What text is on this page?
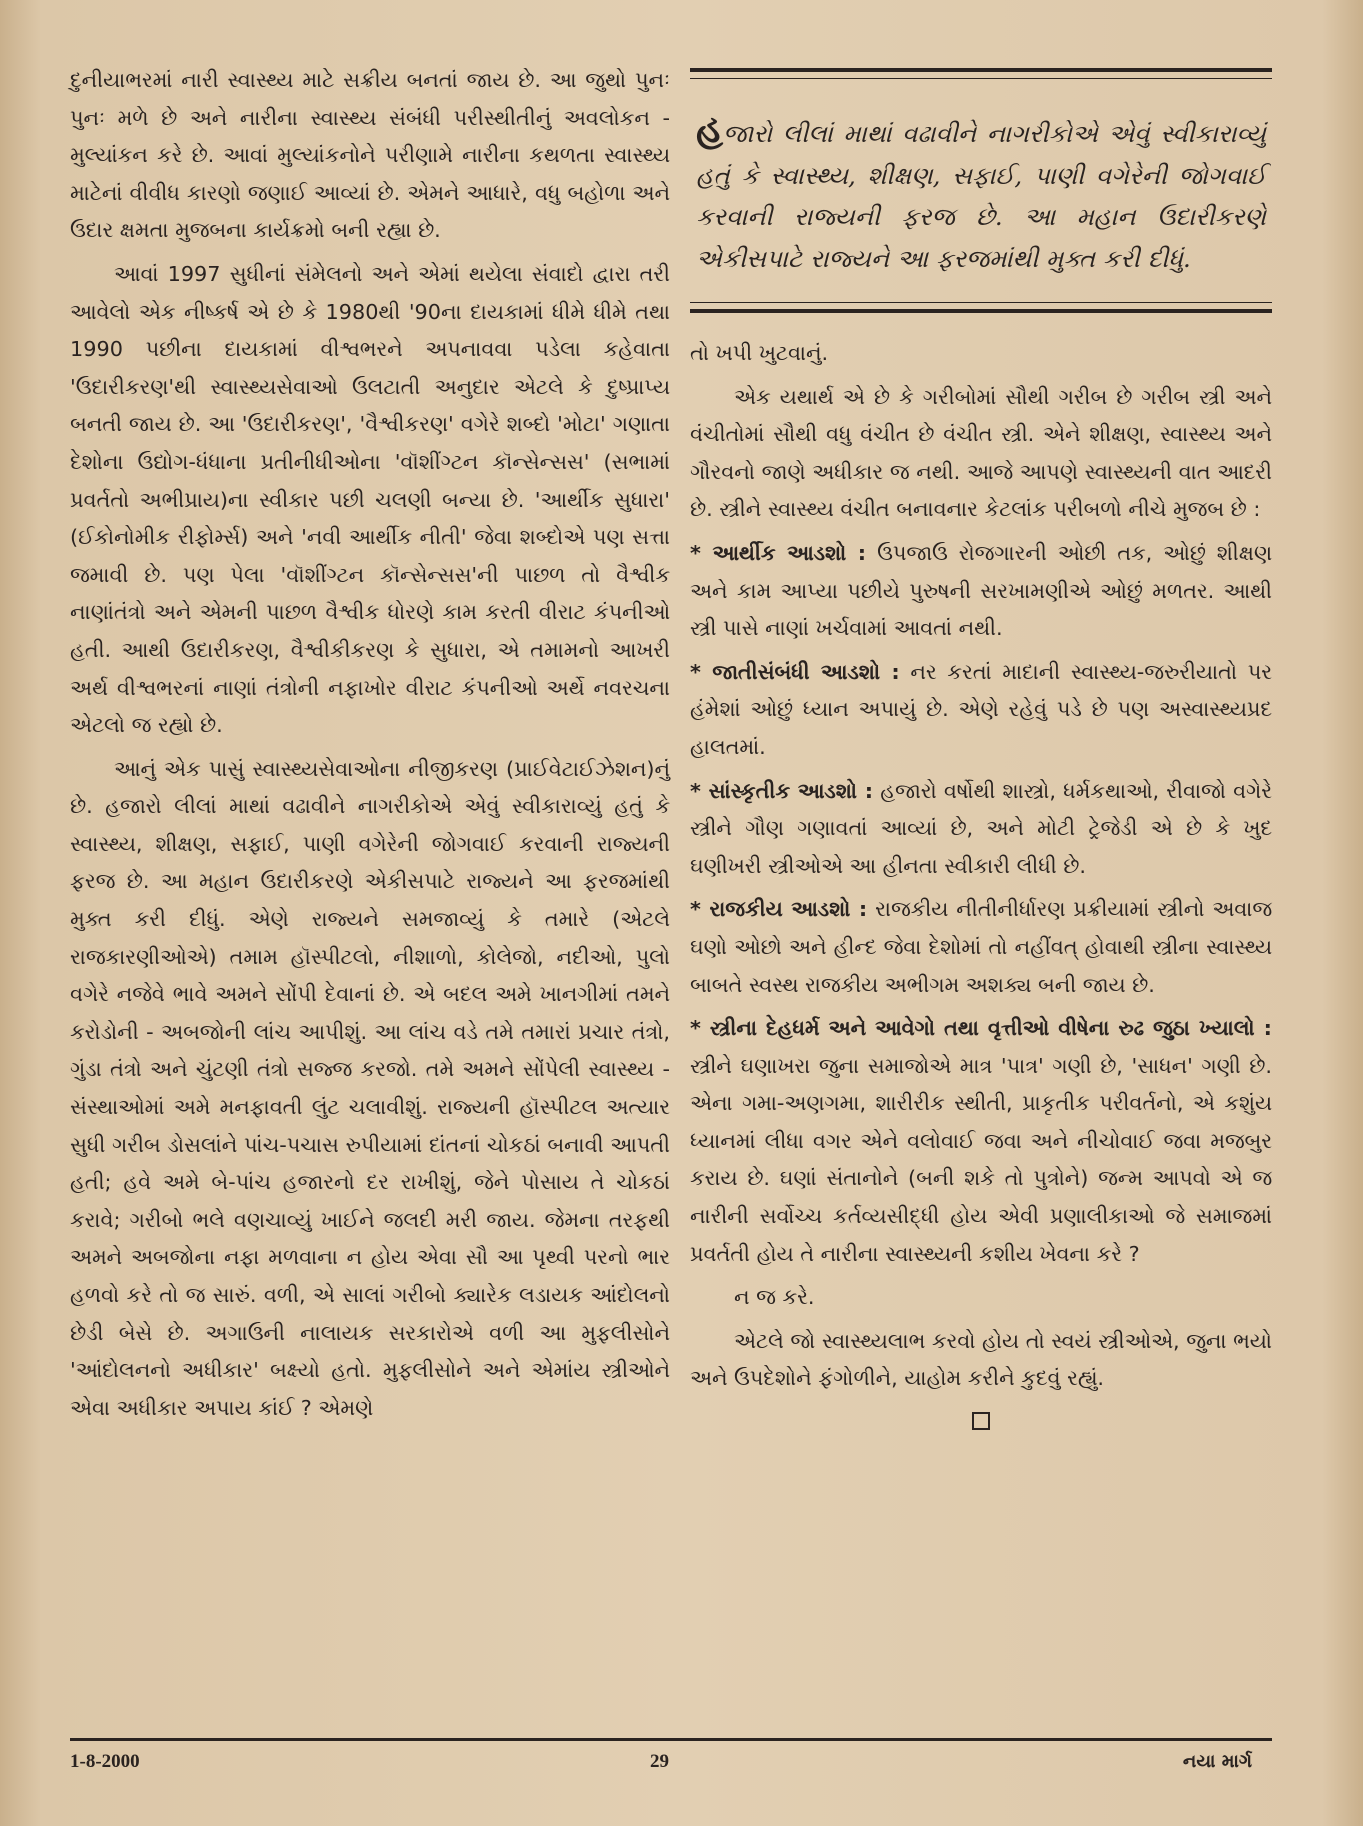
દુનીયાભરમાં નારી સ્વાસ્થ્ય માટે સક્રીય બનતાં જાય છે. આ જુથો પુનઃ પુનઃ મળે છે અને નારીના સ્વાસ્થ્ય સંબંધી પરીસ્થીતીનું અવલોકન - મુલ્યાંકન કરે છે. આવાં મુલ્યાંકનોને પરીણામે નારીના કથળતા સ્વાસ્થ્ય માટેનાં વીવીધ કારણો જણાઈ આવ્યાં છે. એમને આધારે, વધુ બહોળા અને ઉદાર ક્ષમતા મુજબના કાર્યક્રમો બની રહ્યા છે.

આવાં 1997 સુધીનાં સંમેલનો અને એમાં થયેલા સંવાદો દ્વારા તરી આવેલો એક નીષ્કર્ષ એ છે કે 1980થી '90ના દાયકામાં ધીમે ધીમે તથા 1990 પછીના દાયકામાં વીશ્વભરને અપનાવવા પડેલા કહેવાતા 'ઉદારીકરણ'થી સ્વાસ્થ્યસેવાઓ ઉલટાતી અનુદાર એટલે કે દુષ્પ્રાપ્ય બનતી જાય છે. આ 'ઉદારીકરણ', 'વૈશ્વીકરણ' વગેરે શબ્દો 'મોટા' ગણાતા દેશોના ઉદ્યોગ-ધંધાના પ્રતીનીધીઓના 'વૉશીંગ્ટન કૉન્સેન્સસ' (સભામાં પ્રવર્તતો અભીપ્રાય)ના સ્વીકાર પછી ચલણી બન્યા છે. 'આર્થીક સુધારા' (ઈકોનોમીક રીફોર્મ્સ) અને 'નવી આર્થીક નીતી' જેવા શબ્દોએ પણ સત્તા જમાવી છે. પણ પેલા 'વૉશીંગ્ટન કૉન્સેન્સસ'ની પાછળ તો વૈશ્વીક નાણાંતંત્રો અને એમની પાછળ વૈશ્વીક ધોરણે કામ કરતી વીરાટ કંપનીઓ હતી. આથી ઉદારીકરણ, વૈશ્વીકીકરણ કે સુધારા, એ તમામનો આખરી અર્થ વીશ્વભરનાં નાણાં તંત્રોની નફાખોર વીરાટ કંપનીઓ અર્થે નવરચના એટલો જ રહ્યો છે.

આનું એક પાસું સ્વાસ્થ્યસેવાઓના નીજીકરણ (પ્રાઈવેટાઈઝેશન)નું છે. હજારો લીલાં માથાં વઢાવીને નાગરીકોએ એવું સ્વીકારાવ્યું હતું કે સ્વાસ્થ્ય, શીક્ષણ, સફાઈ, પાણી વગેરેની જોગવાઈ કરવાની રાજ્યની ફરજ છે. આ મહાન ઉદારીકરણે એકીસપાટે રાજ્યને આ ફરજમાંથી મુક્ત કરી દીધું. એણે રાજ્યને સમજાવ્યું કે તમારે (એટલે રાજકારણીઓએ) તમામ હૉસ્પીટલો, નીશાળો, કોલેજો, નદીઓ, પુલો વગેરે નજેવે ભાવે અમને સોંપી દેવાનાં છે. એ બદલ અમે ખાનગીમાં તમને કરોડોની - અબજોની લાંચ આપીશું. આ લાંચ વડે તમે તમારાં પ્રચાર તંત્રો, ગુંડા તંત્રો અને ચુંટણી તંત્રો સજ્જ કરજો. તમે અમને સોંપેલી સ્વાસ્થ્ય - સંસ્થાઓમાં અમે મનફાવતી લુંટ ચલાવીશું. રાજ્યની હૉસ્પીટલ અત્યાર સુધી ગરીબ ડોસલાંને પાંચ-પચાસ રુપીયામાં દાંતનાં ચોકઠાં બનાવી આપતી હતી; હવે અમે બે-પાંચ હજારનો દર રાખીશું, જેને પોસાય તે ચોકઠાં કરાવે; ગરીબો ભલે વણચાવ્યું ખાઈને જલદી મરી જાય. જેમના તરફથી અમને અબજોના નફા મળવાના ન હોય એવા સૌ આ પૃથ્વી પરનો ભાર હળવો કરે તો જ સારું. વળી, એ સાલાં ગરીબો ક્યારેક લડાયક આંદોલનો છેડી બેસે છે. અગાઉની નાલાયક સરકારોએ વળી આ મુફલીસોને 'આંદોલનનો અધીકાર' બક્ષ્યો હતો. મુફલીસોને અને એમાંય સ્ત્રીઓને એવા અધીકાર અપાય કાંઈ ? એમણે

હજારો લીલાં માથાં વઢાવીને નાગરીકોએ એવું સ્વીકારાવ્યું હતું કે સ્વાસ્થ્ય, શીક્ષણ, સફાઈ, પાણી વગેરેની જોગવાઈ કરવાની રાજ્યની ફરજ છે. આ મહાન ઉદારીકરણે એકીસપાટે રાજ્યને આ ફરજમાંથી મુક્ત કરી દીધું.

તો ખપી ખુટવાનું.

એક યથાર્થ એ છે કે ગરીબોમાં સૌથી ગરીબ છે ગરીબ સ્ત્રી અને વંચીતોમાં સૌથી વધુ વંચીત છે વંચીત સ્ત્રી. એને શીક્ષણ, સ્વાસ્થ્ય અને ગૌરવનો જાણે અધીકાર જ નથી. આજે આપણે સ્વાસ્થ્યની વાત આદરી છે. સ્ત્રીને સ્વાસ્થ્ય વંચીત બનાવનાર કેટલાંક પરીબળો નીચે મુજબ છે :

* આર્થીક આડશો : ઉપજાઉ રોજગારની ઓછી તક, ઓછું શીક્ષણ અને કામ આપ્યા પછીયે પુરુષની સરખામણીએ ઓછું મળતર. આથી સ્ત્રી પાસે નાણાં ખર્ચવામાં આવતાં નથી.

* જાતીસંબંધી આડશો : નર કરતાં માદાની સ્વાસ્થ્ય-જરુરીયાતો પર હંમેશાં ઓછું ધ્યાન અપાયું છે. એણે રહેવું પડે છે પણ અસ્વાસ્થ્યપ્રદ હાલતમાં.

* સાંસ્કૃતીક આડશો : હજારો વર્ષોથી શાસ્ત્રો, ધર્મકથાઓ, રીવાજો વગેરે સ્ત્રીને ગૌણ ગણાવતાં આવ્યાં છે, અને મોટી ટ્રેજેડી એ છે કે ખુદ ઘણીખરી સ્ત્રીઓએ આ હીનતા સ્વીકારી લીધી છે.

* રાજકીય આડશો : રાજકીય નીતીનીર્ધારણ પ્રક્રીયામાં સ્ત્રીનો અવાજ ઘણો ઓછો અને હીન્દ જેવા દેશોમાં તો નહીંવત્ હોવાથી સ્ત્રીના સ્વાસ્થ્ય બાબતે સ્વસ્થ રાજકીય અભીગમ અશક્ય બની જાય છે.

* સ્ત્રીના દેહધર્મ અને આવેગો તથા વૃત્તીઓ વીષેના રુઢ જુઠા ખ્યાલો : સ્ત્રીને ઘણાખરા જુના સમાજોએ માત્ર 'પાત્ર' ગણી છે, 'સાધન' ગણી છે. એના ગમા-અણગમા, શારીરીક સ્થીતી, પ્રાકૃતીક પરીવર્તનો, એ કશુંય ધ્યાનમાં લીધા વગર એને વલોવાઈ જવા અને નીચોવાઈ જવા મજબુર કરાય છે. ઘણાં સંતાનોને (બની શકે તો પુત્રોને) જન્મ આપવો એ જ નારીની સર્વોચ્ચ કર્તવ્યસીદ્ધી હોય એવી પ્રણાલીકાઓ જે સમાજમાં પ્રવર્તતી હોય તે નારીના સ્વાસ્થ્યની કશીય ખેવના કરે ?

ન જ કરે.

એટલે જો સ્વાસ્થ્યલાભ કરવો હોય તો સ્વયં સ્ત્રીઓએ, જુના ભયો અને ઉપદેશોને ફંગોળીને, યાહોમ કરીને કુદવું રહ્યું.

1-8-2000	29	નયા માર્ગ
